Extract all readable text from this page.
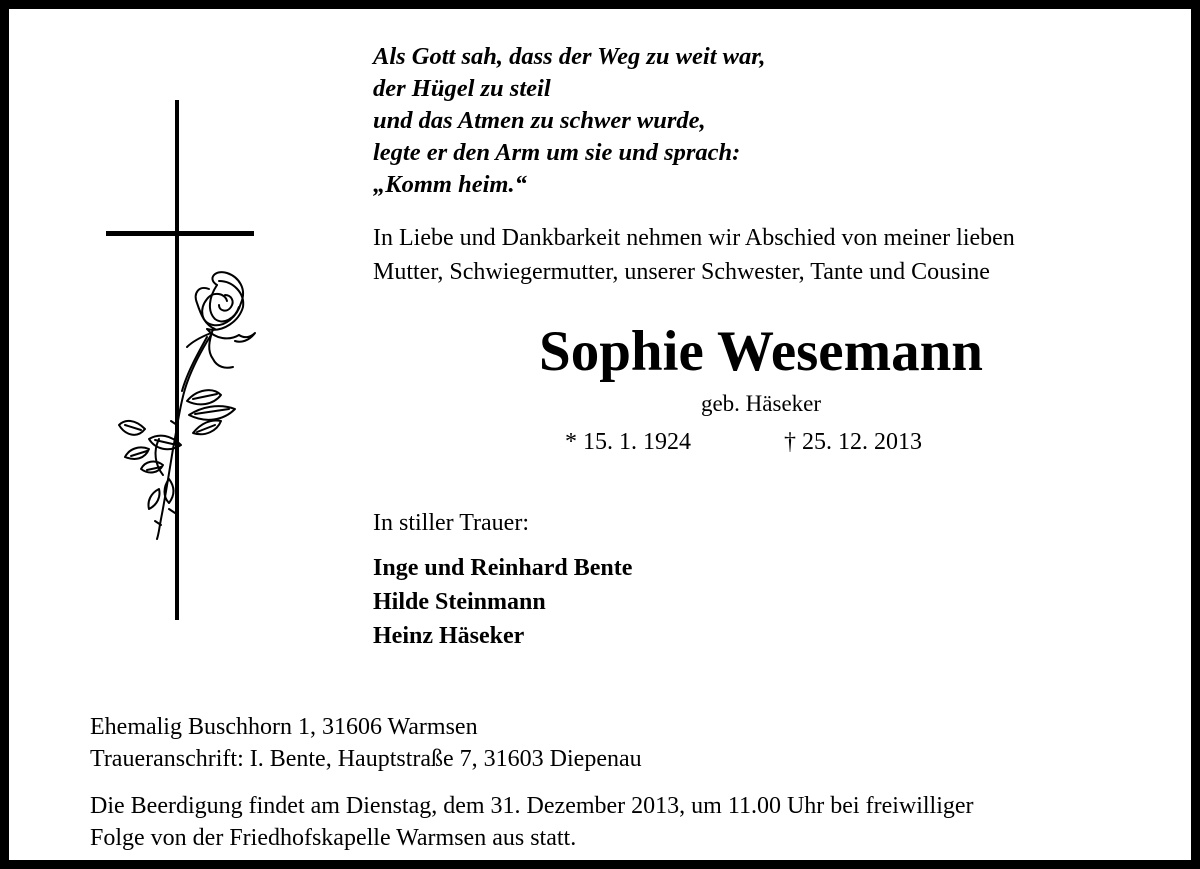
Als Gott sah, dass der Weg zu weit war,
der Hügel zu steil
und das Atmen zu schwer wurde,
legte er den Arm um sie und sprach:
„Komm heim.“
In Liebe und Dankbarkeit nehmen wir Abschied von meiner lieben
Mutter, Schwiegermutter, unserer Schwester, Tante und Cousine
Sophie Wesemann
geb. Häseker
* 15. 1. 1924	† 25. 12. 2013
In stiller Trauer:
Inge und Reinhard Bente
Hilde Steinmann
Heinz Häseker
Ehemalig Buschhorn 1, 31606 Warmsen
Traueranschrift: I. Bente, Hauptstraße 7, 31603 Diepenau
Die Beerdigung findet am Dienstag, dem 31. Dezember 2013, um 11.00 Uhr bei freiwilliger
Folge von der Friedhofskapelle Warmsen aus statt.
